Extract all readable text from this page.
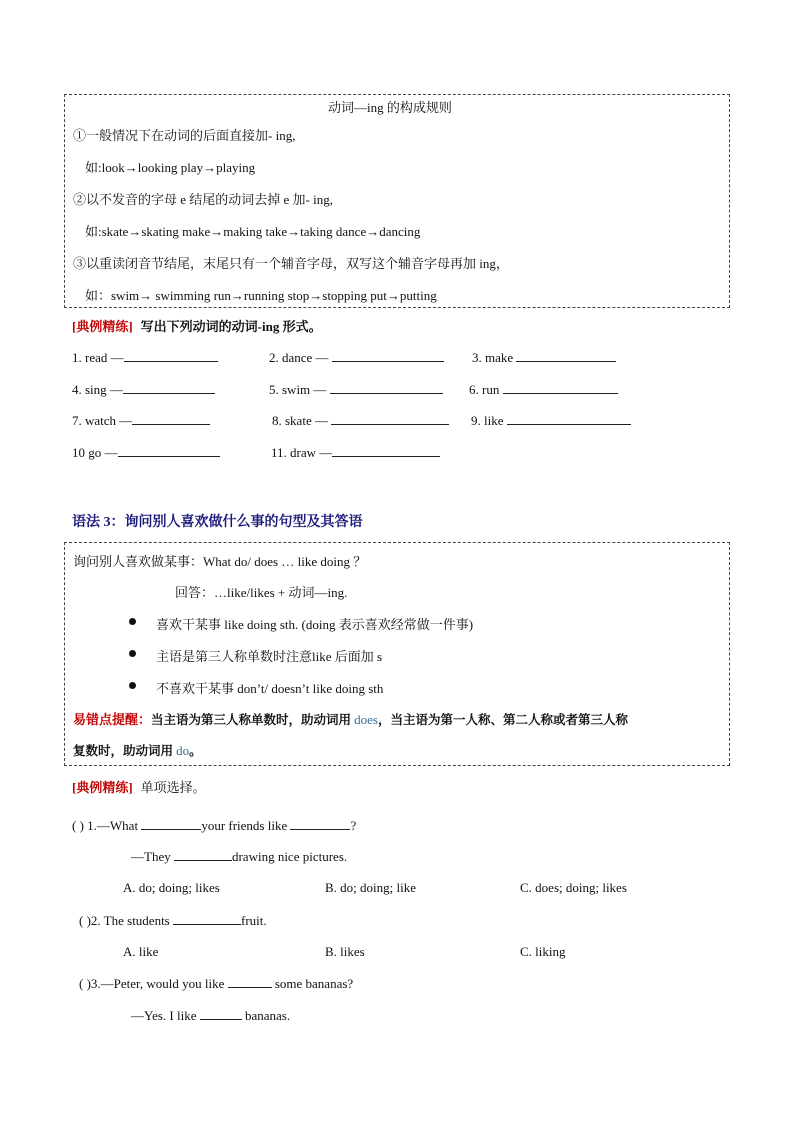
动词—ing 的构成规则
①一般情况下在动词的后面直接加- ing,
如:look→looking play→playing
②以不发音的字母 e 结尾的动词去掉 e 加- ing,
如:skate→skating make→making take→taking dance→dancing
③以重读闭音节结尾，末尾只有一个辅音字母，双写这个辅音字母再加 ing，
如：swim→ swimming run→running stop→stopping put→putting
[典例精练] 写出下列动词的动词-ing 形式。
1. read —	2. dance —	3. make
4. sing —	5. swim —	6. run
7. watch —	8. skate —	9. like
10 go —	11. draw —
语法 3：询问别人喜欢做什么事的句型及其答语
询问别人喜欢做某事：What do/ does … like doing ？
回答：…like/likes + 动词—ing.
喜欢干某事 like doing sth. (doing 表示喜欢经常做一件事)
主语是第三人称单数时注意like 后面加 s
不喜欢干某事 don’t/ doesn’t like doing sth
易错点提醒：当主语为第三人称单数时，助动词用 does，当主语为第一人称、第二人称或者第三人称
复数时，助动词用 do。
[典例精练] 单项选择。
( ) 1.—What	your friends like	?
—They	drawing nice pictures.
A. do; doing; likes	B. do; doing; like	C. does; doing; likes
( )2. The students	fruit.
A. like	B. likes	C. liking
( )3.—Peter, would you like	some bananas?
—Yes. I like	bananas.
